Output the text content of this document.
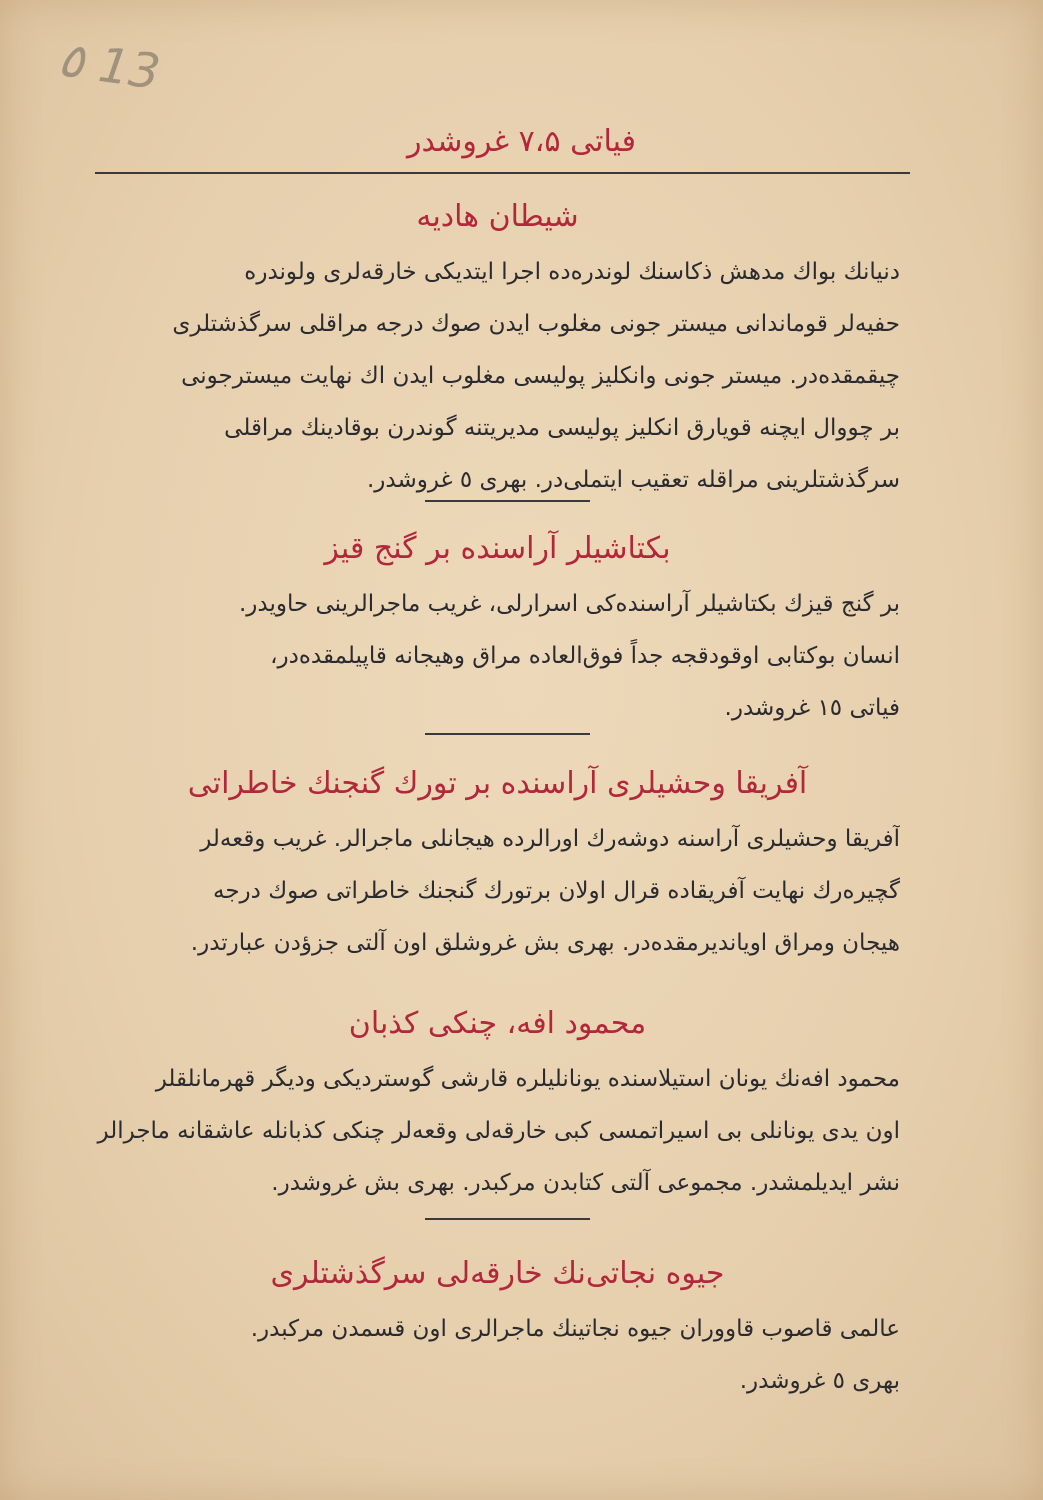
٥ 13
فیاتی ۷،۵ غروشدر
شیطان هادیه
دنیانك بواك مدهش ذكاسنك لوندره‌ده اجرا ایتدیكی خارقه‌لری ولوندره
حفیه‌لر قوماندانی میستر جونی مغلوب ایدن صوك درجه مراقلی سرگذشتلری
چیقمقده‌در. میستر جونی وانكلیز پولیسی مغلوب ایدن اك نهایت میسترجونی
بر چووال ایچنه قویارق انكلیز پولیسی مدیریتنه گوندرن بوقادینك مراقلی
سرگذشتلرینی مراقله تعقیب ایتملی‌در. بهری ٥ غروشدر.
بكتاشیلر آراسنده بر گنج قیز
بر گنج قیزك بكتاشیلر آراسنده‌كی اسرارلی، غریب ماجرالرینی حاویدر.
انسان بوكتابی اوقودقجه جداً فوق‌العاده مراق وهیجانه قاپیلمقده‌در،
فیاتی ١٥ غروشدر.
آفریقا وحشیلری آراسنده بر تورك گنجنك خاطراتی
آفریقا وحشیلری آراسنه دوشه‌رك اورالرده هیجانلی ماجرالر. غریب وقعه‌لر
گچیره‌رك نهایت آفریقاده قرال اولان برتورك گنجنك خاطراتی صوك درجه
هیجان ومراق اویاندیرمقده‌در. بهری بش غروشلق اون آلتی جزؤدن عبارتدر.
محمود افه، چنكی كذبان
محمود افه‌نك یونان استیلاسنده یونانلیلره قارشی گوستردیكی ودیگر قهرمانلقلر
اون یدی یونانلی بی اسیراتمسی كبی خارقه‌لی وقعه‌لر چنكی كذبانله عاشقانه ماجرالر
نشر ایدیلمشدر. مجموعی آلتی كتابدن مركبدر. بهری بش غروشدر.
جیوه نجاتی‌نك خارقه‌لی سرگذشتلری
عالمی قاصوب قاووران جیوه نجاتینك ماجرالری اون قسمدن مركبدر.
بهری ٥ غروشدر.
